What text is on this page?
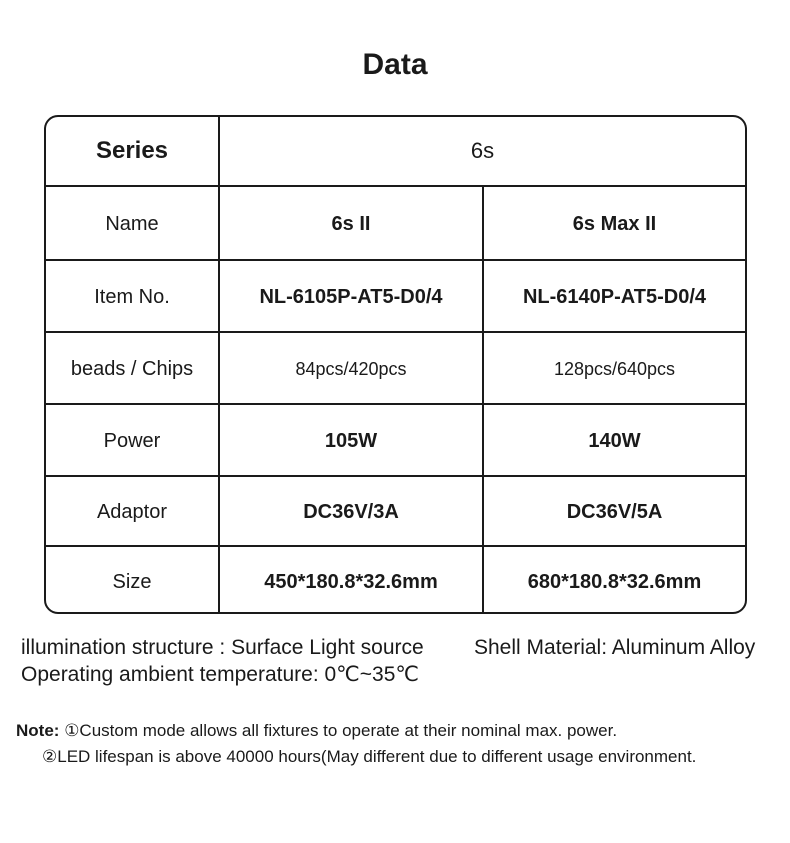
Data
Series	6s
Name	6s II	6s Max II
Item No.	NL-6105P-AT5-D0/4	NL-6140P-AT5-D0/4
beads / Chips	84pcs/420pcs	128pcs/640pcs
Power	105W	140W
Adaptor	DC36V/3A	DC36V/5A
Size	450*180.8*32.6mm	680*180.8*32.6mm
illumination structure : Surface Light source Shell Material: Aluminum Alloy
Operating ambient temperature: 0℃~35℃
Note: ①Custom mode allows all fixtures to operate at their nominal max. power.
②LED lifespan is above 40000 hours(May different due to different usage environment.
